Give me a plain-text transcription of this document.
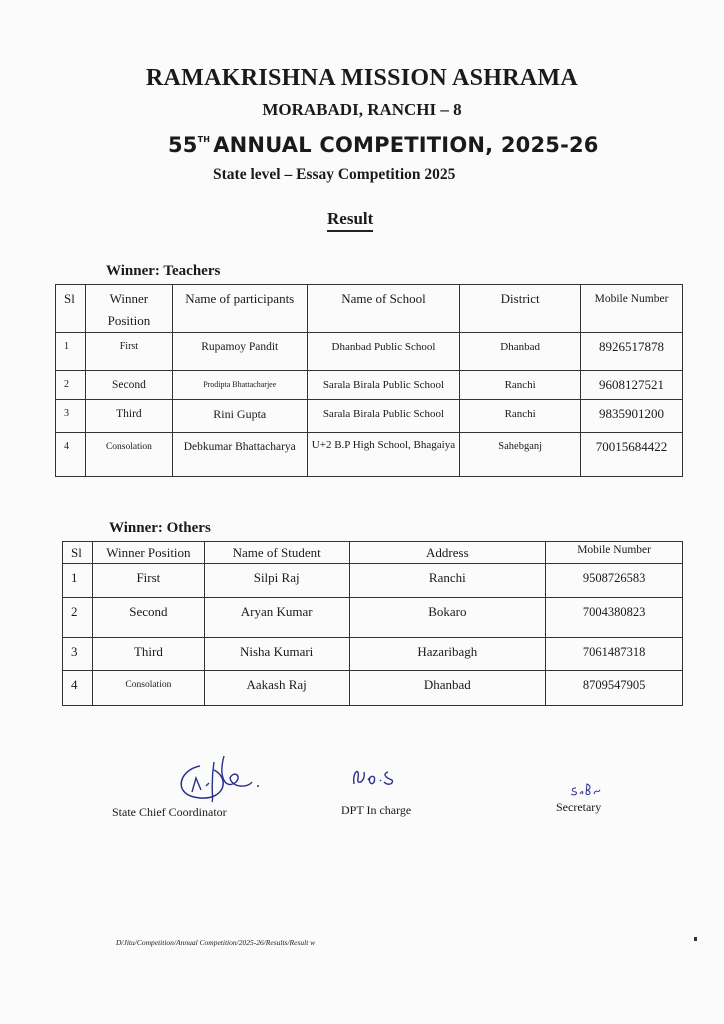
RAMAKRISHNA MISSION ASHRAMA
MORABADI, RANCHI – 8
55TH ANNUAL COMPETITION, 2025-26
State level – Essay Competition 2025
Result
Winner: Teachers
Sl	Winner Position	Name of participants	Name of School	District	Mobile Number
1	First	Rupamoy Pandit	Dhanbad Public School	Dhanbad	8926517878
2	Second	Prodipta Bhattacharjee	Sarala Birala Public School	Ranchi	9608127521
3	Third	Rini Gupta	Sarala Birala Public School	Ranchi	9835901200
4	Consolation	Debkumar Bhattacharya	U+2 B.P High School, Bhagaiya	Sahebganj	70015684422
Winner: Others
Sl	Winner Position	Name of Student	Address	Mobile Number
1	First	Silpi Raj	Ranchi	9508726583
2	Second	Aryan Kumar	Bokaro	7004380823
3	Third	Nisha Kumari	Hazaribagh	7061487318
4	Consolation	Aakash Raj	Dhanbad	8709547905
State Chief Coordinator	DPT In charge	Secretary
D/Jitu/Competition/Annual Competition/2025-26/Results/Result w
